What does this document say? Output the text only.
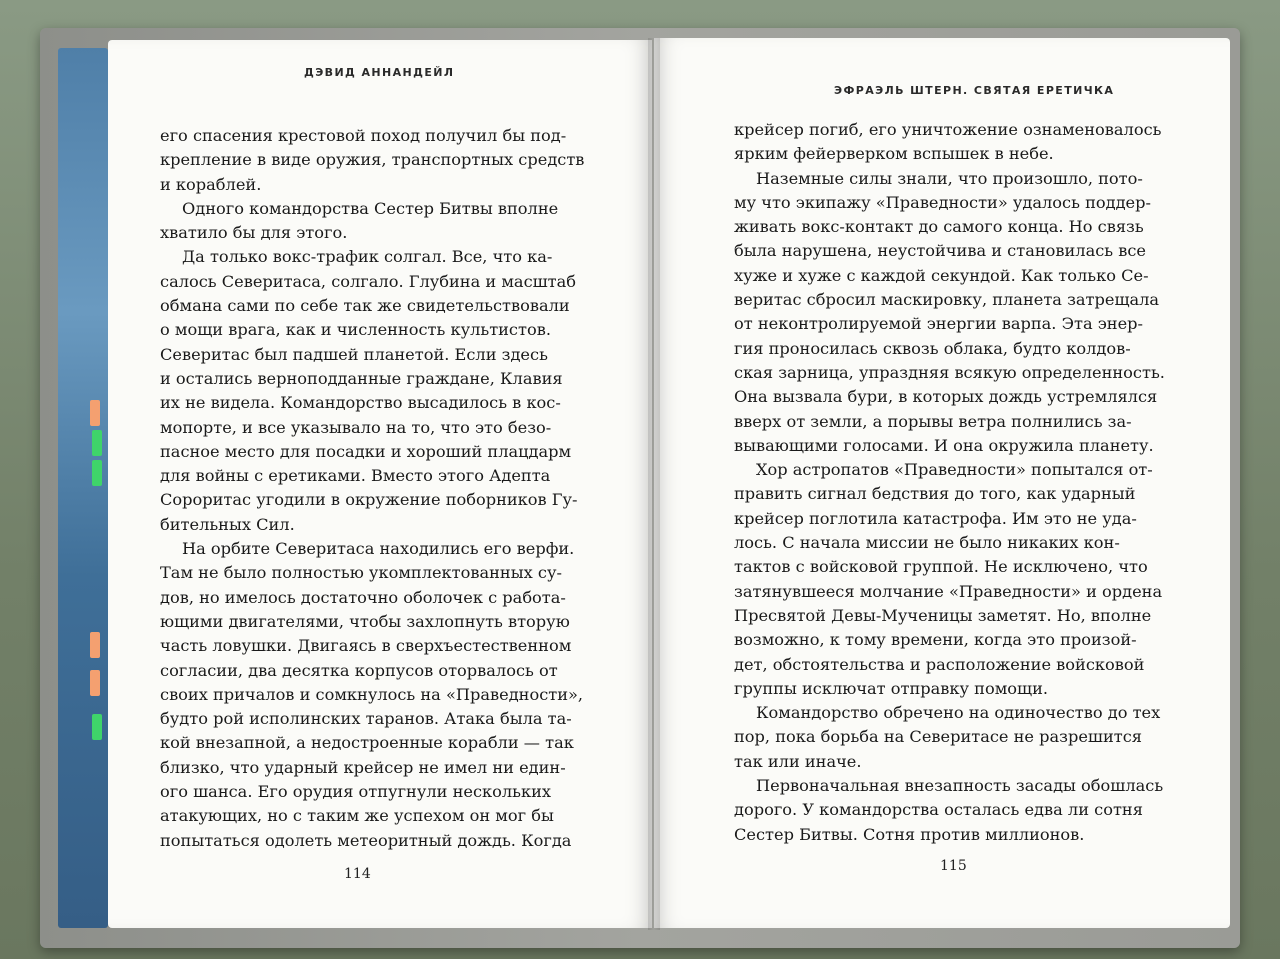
ДЭВИД АННАНДЕЙЛ
его спасения крестовой поход получил бы под-
крепление в виде оружия, транспортных средств
и кораблей.
Одного командорства Сестер Битвы вполне
хватило бы для этого.
Да только вокс-трафик солгал. Все, что ка-
салось Северитаса, солгало. Глубина и масштаб
обмана сами по себе так же свидетельствовали
о мощи врага, как и численность культистов.
Северитас был падшей планетой. Если здесь
и остались верноподданные граждане, Клавия
их не видела. Командорство высадилось в кос-
мопорте, и все указывало на то, что это безо-
пасное место для посадки и хороший плацдарм
для войны с еретиками. Вместо этого Адепта
Сороритас угодили в окружение поборников Гу-
бительных Сил.
На орбите Северитаса находились его верфи.
Там не было полностью укомплектованных су-
дов, но имелось достаточно оболочек с работа-
ющими двигателями, чтобы захлопнуть вторую
часть ловушки. Двигаясь в сверхъестественном
согласии, два десятка корпусов оторвалось от
своих причалов и сомкнулось на «Праведности»,
будто рой исполинских таранов. Атака была та-
кой внезапной, а недостроенные корабли — так
близко, что ударный крейсер не имел ни един-
ого шанса. Его орудия отпугнули нескольких
атакующих, но с таким же успехом он мог бы
попытаться одолеть метеоритный дождь. Когда
114
ЭФРАЭЛЬ ШТЕРН. СВЯТАЯ ЕРЕТИЧКА
крейсер погиб, его уничтожение ознаменовалось
ярким фейерверком вспышек в небе.
Наземные силы знали, что произошло, пото-
му что экипажу «Праведности» удалось поддер-
живать вокс-контакт до самого конца. Но связь
была нарушена, неустойчива и становилась все
хуже и хуже с каждой секундой. Как только Се-
веритас сбросил маскировку, планета затрещала
от неконтролируемой энергии варпа. Эта энер-
гия проносилась сквозь облака, будто колдов-
ская зарница, упраздняя всякую определенность.
Она вызвала бури, в которых дождь устремлялся
вверх от земли, а порывы ветра полнились за-
вывающими голосами. И она окружила планету.
Хор астропатов «Праведности» попытался от-
править сигнал бедствия до того, как ударный
крейсер поглотила катастрофа. Им это не уда-
лось. С начала миссии не было никаких кон-
тактов с войсковой группой. Не исключено, что
затянувшееся молчание «Праведности» и ордена
Пресвятой Девы-Мученицы заметят. Но, вполне
возможно, к тому времени, когда это произой-
дет, обстоятельства и расположение войсковой
группы исключат отправку помощи.
Командорство обречено на одиночество до тех
пор, пока борьба на Северитасе не разрешится
так или иначе.
Первоначальная внезапность засады обошлась
дорого. У командорства осталась едва ли сотня
Сестер Битвы. Сотня против миллионов.
115
